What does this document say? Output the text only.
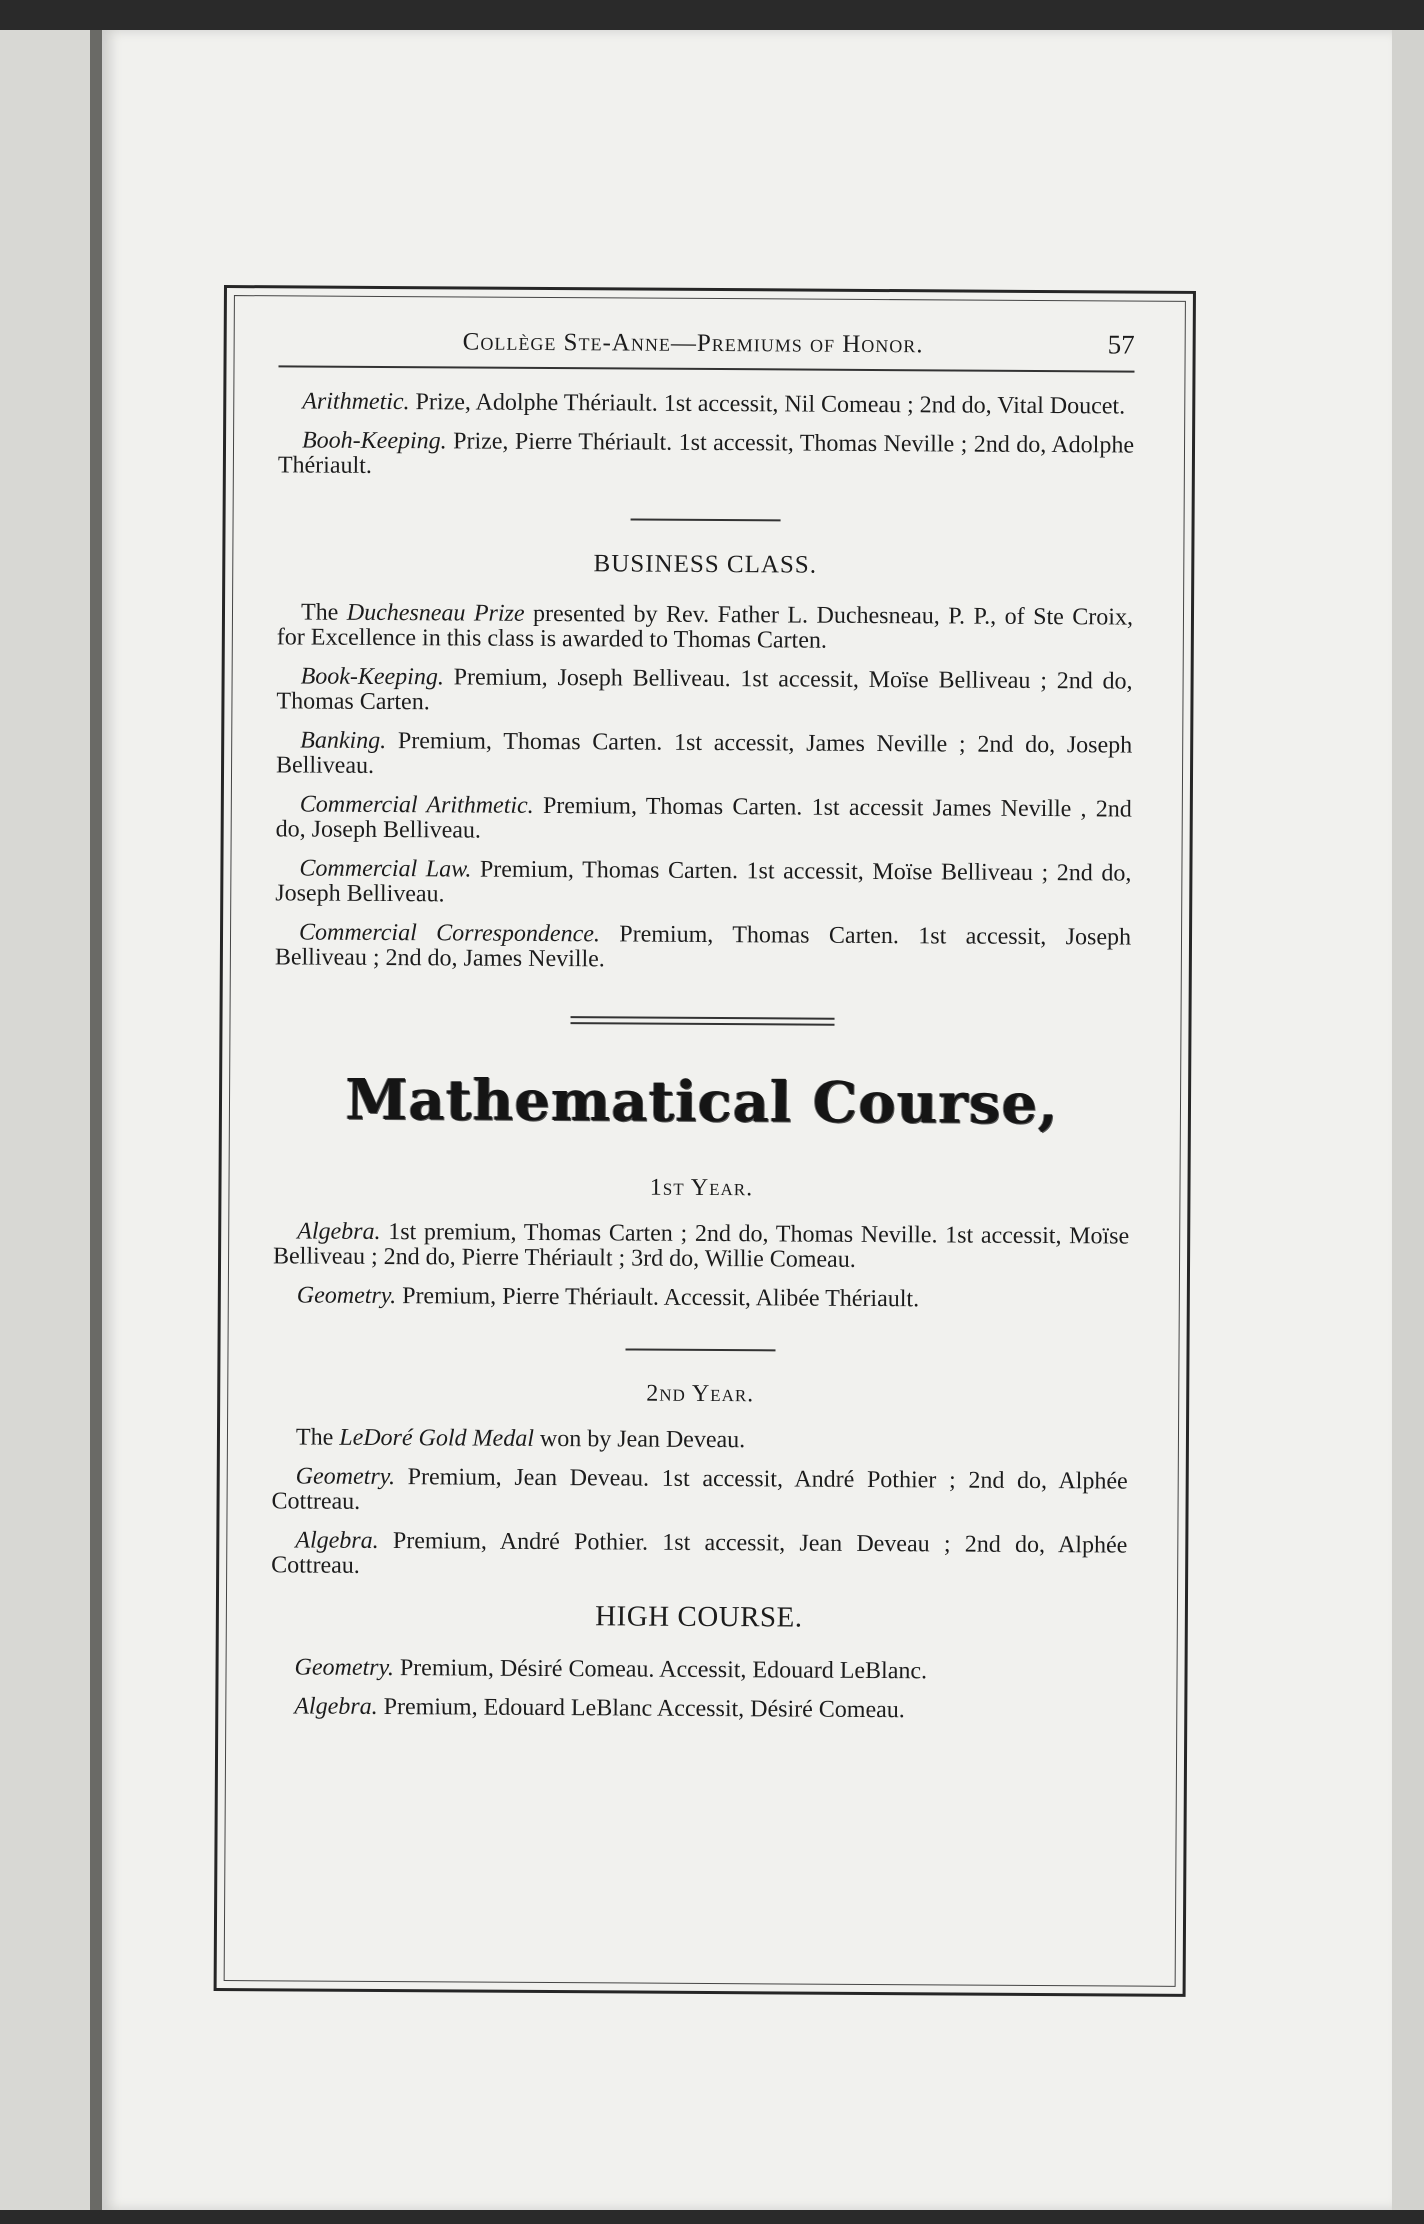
Collège Ste-Anne—Premiums of Honor.	57

Arithmetic. Prize, Adolphe Thériault. 1st accessit, Nil Comeau ; 2nd do, Vital Doucet.

Booh-Keeping. Prize, Pierre Thériault. 1st accessit, Thomas Neville ; 2nd do, Adolphe Thériault.

BUSINESS CLASS.

The Duchesneau Prize presented by Rev. Father L. Duchesneau, P. P., of Ste Croix, for Excellence in this class is awarded to Thomas Carten.

Book-Keeping. Premium, Joseph Belliveau. 1st accessit, Moïse Belliveau ; 2nd do, Thomas Carten.

Banking. Premium, Thomas Carten. 1st accessit, James Neville ; 2nd do, Joseph Belliveau.

Commercial Arithmetic. Premium, Thomas Carten. 1st accessit James Neville , 2nd do, Joseph Belliveau.

Commercial Law. Premium, Thomas Carten. 1st accessit, Moïse Belliveau ; 2nd do, Joseph Belliveau.

Commercial Correspondence. Premium, Thomas Carten. 1st accessit, Joseph Belliveau ; 2nd do, James Neville.

Mathematical Course,
1st Year.

Algebra. 1st premium, Thomas Carten ; 2nd do, Thomas Neville. 1st accessit, Moïse Belliveau ; 2nd do, Pierre Thériault ; 3rd do, Willie Comeau.

Geometry. Premium, Pierre Thériault. Accessit, Alibée Thériault.

2nd Year.

The LeDoré Gold Medal won by Jean Deveau.

Geometry. Premium, Jean Deveau. 1st accessit, André Pothier ; 2nd do, Alphée Cottreau.

Algebra. Premium, André Pothier. 1st accessit, Jean Deveau ; 2nd do, Alphée Cottreau.

HIGH COURSE.

Geometry. Premium, Désiré Comeau. Accessit, Edouard LeBlanc.

Algebra. Premium, Edouard LeBlanc Accessit, Désiré Comeau.
